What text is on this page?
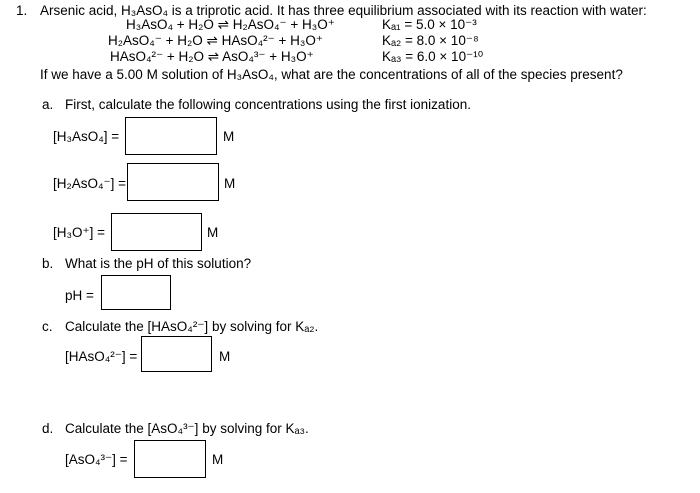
1. Arsenic acid, H₃AsO₄ is a triprotic acid. It has three equilibrium associated with its reaction with water:
H₃AsO₄ + H₂O ⇌ H₂AsO₄⁻ + H₃O⁺	Kₐ₁ = 5.0 × 10⁻³
H₂AsO₄⁻ + H₂O ⇌ HAsO₄²⁻ + H₃O⁺	Kₐ₂ = 8.0 × 10⁻⁸
HAsO₄²⁻ + H₂O ⇌ AsO₄³⁻ + H₃O⁺	Kₐ₃ = 6.0 × 10⁻¹⁰
If we have a 5.00 M solution of H₃AsO₄, what are the concentrations of all of the species present?
a. First, calculate the following concentrations using the first ionization.
[H₃AsO₄] =	M
[H₂AsO₄⁻] =	M
[H₃O⁺] =	M
b. What is the pH of this solution?
pH =
c. Calculate the [HAsO₄²⁻] by solving for Kₐ₂.
[HAsO₄²⁻] =	M
d. Calculate the [AsO₄³⁻] by solving for Kₐ₃.
[AsO₄³⁻] =	M
